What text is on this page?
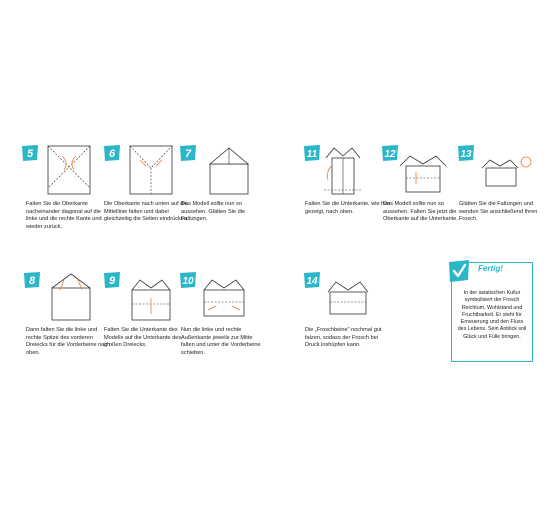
5
Falten Sie die Oberkante nacheinander diagonal auf die linke und die rechte Kante und wieder zurück.
6
Die Oberkante nach unten auf die Mittellinie falten und dabei gleichzeitig die Seiten eindrücken.
7
Das Modell sollte nun so aussehen. Glätten Sie die Faltungen.
11
Falten Sie die Unterkante, wie hier gezeigt, nach oben.
12
Das Modell sollte nun so aussehen. Falten Sie jetzt die Oberkante auf die Unterkante.
13
Glätten Sie die Faltungen und wenden Sie anschließend Ihren Frosch.
8
Dann falten Sie die linke und rechte Spitze des vorderen Dreiecks für die Vorderbeine nach oben.
9
Falten Sie die Unterkante des Modells auf die Unterkante des großen Dreiecks.
10
Nun die linke und rechte Außenkante jeweils zur Mitte falten und unter die Vorderbeine schieben.
14
Die „Froschbeine“ nochmal gut falzen, sodass der Frosch bei Druck loshüpfen kann.
Fertig!
In der asiatischen Kultur symbolisiert der Frosch Reichtum, Wohlstand und Fruchtbarkeit. Er steht für Erneuerung und den Fluss des Lebens. Sein Anblick soll Glück und Fülle bringen.
